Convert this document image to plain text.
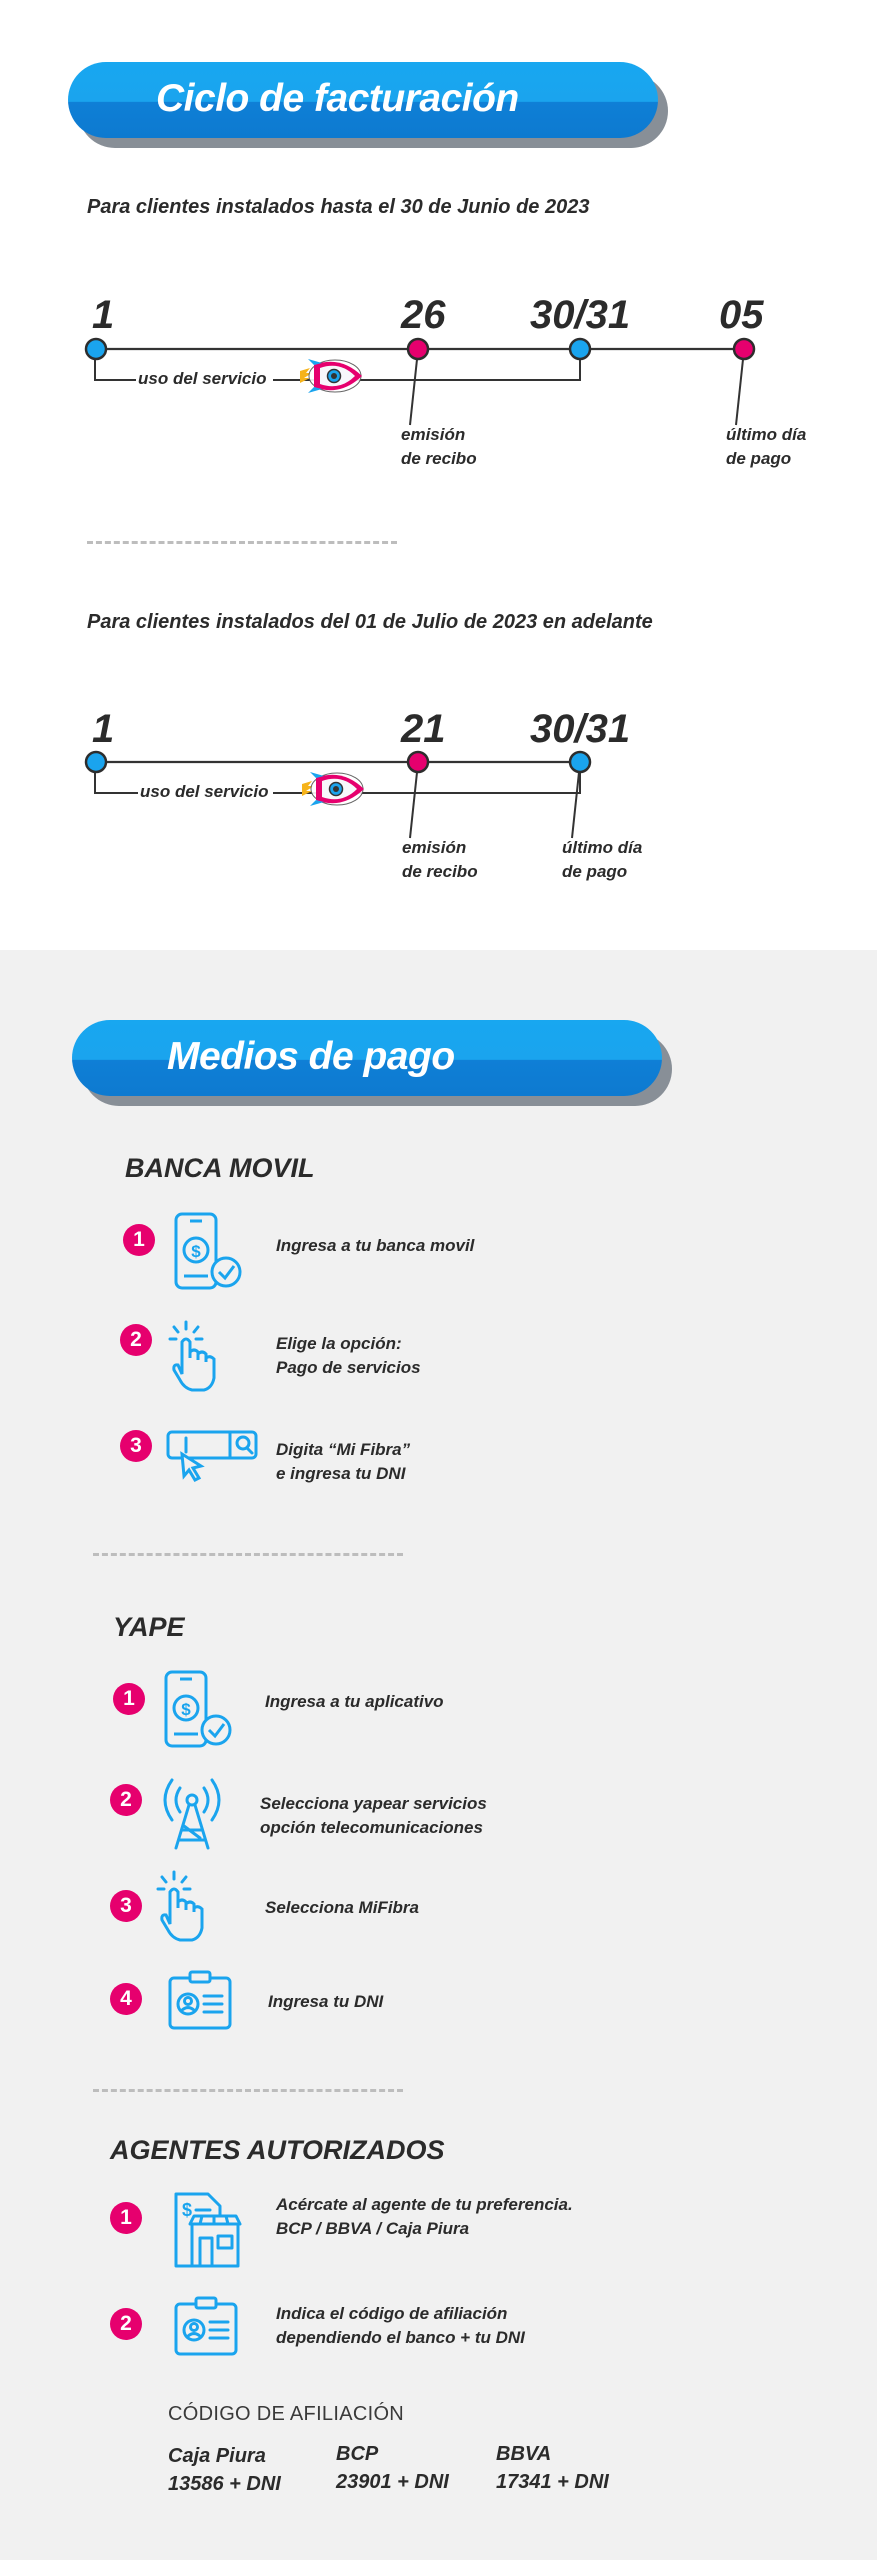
Ciclo de facturación
Para clientes instalados hasta el 30 de Junio de 2023
1	26 30/31 05
uso del servicio
emisión
de recibo
último día
de pago
Para clientes instalados del 01 de Julio de 2023 en adelante
1	21 30/31
uso del servicio
emisión
de recibo
último día
de pago
Medios de pago
BANCA MOVIL
1
$	Ingresa a tu banca movil
2	Elige la opción:
Pago de servicios
3	Digita “Mi Fibra”
e ingresa tu DNI
YAPE
1	$	Ingresa a tu aplicativo
2	Selecciona yapear servicios
opción telecomunicaciones
3	Selecciona MiFibra
4	Ingresa tu DNI
AGENTES AUTORIZADOS
1	$	Acércate al agente de tu preferencia.
BCP / BBVA / Caja Piura
2	Indica el código de afiliación
dependiendo el banco + tu DNI
CÓDIGO DE AFILIACIÓN
Caja Piura
13586 + DNI
BCP
23901 + DNI
BBVA
17341 + DNI
